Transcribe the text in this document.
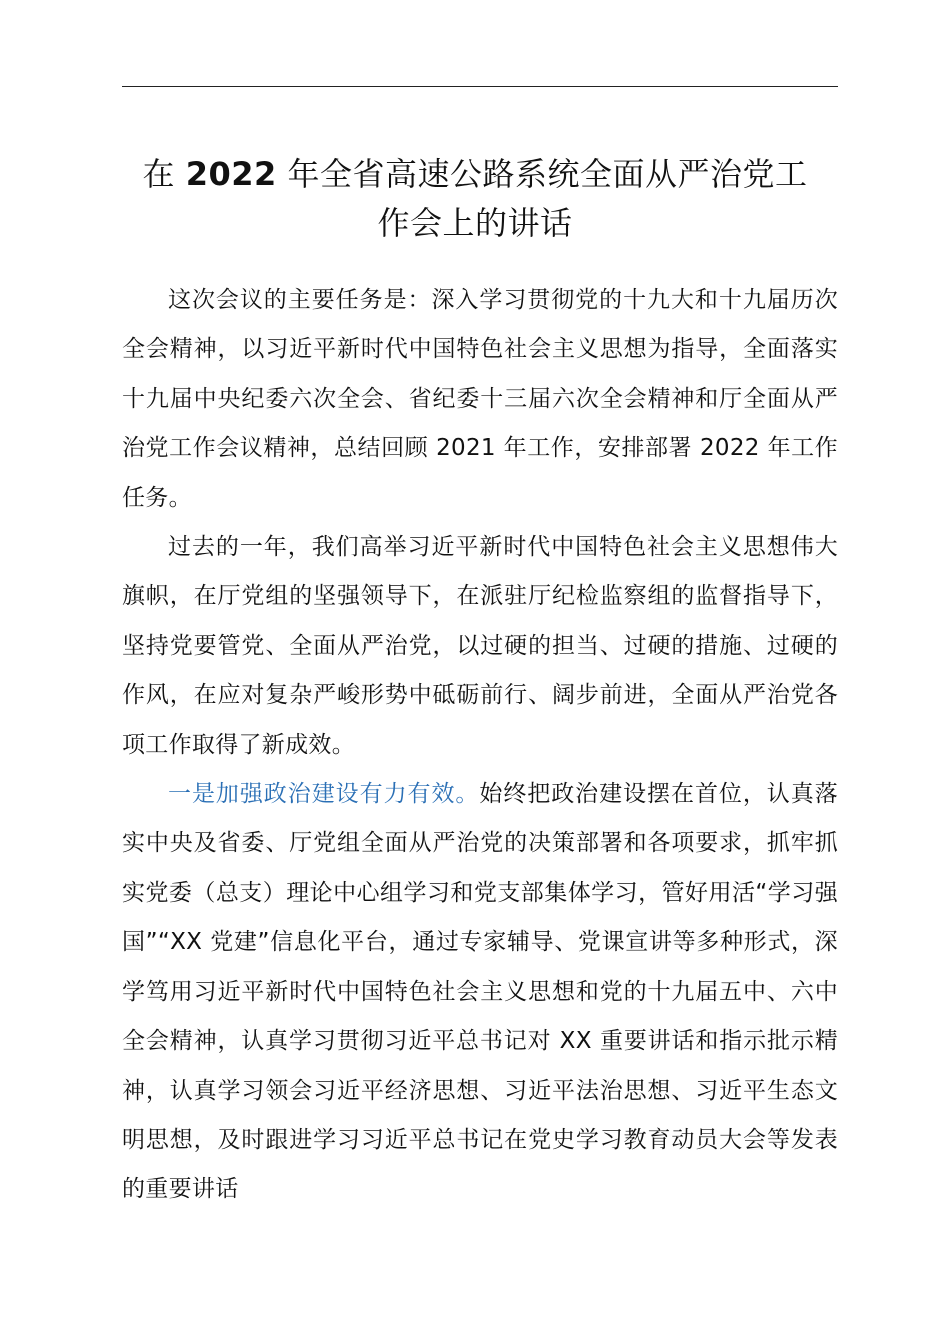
在 2022 年全省高速公路系统全面从严治党工
作会上的讲话

这次会议的主要任务是：深入学习贯彻党的十九大和十九届历次全会精神，以习近平新时代中国特色社会主义思想为指导，全面落实十九届中央纪委六次全会、省纪委十三届六次全会精神和厅全面从严治党工作会议精神，总结回顾 2021 年工作，安排部署 2022 年工作任务。

过去的一年，我们高举习近平新时代中国特色社会主义思想伟大旗帜，在厅党组的坚强领导下，在派驻厅纪检监察组的监督指导下，坚持党要管党、全面从严治党，以过硬的担当、过硬的措施、过硬的作风，在应对复杂严峻形势中砥砺前行、阔步前进，全面从严治党各项工作取得了新成效。

一是加强政治建设有力有效。始终把政治建设摆在首位，认真落实中央及省委、厅党组全面从严治党的决策部署和各项要求，抓牢抓实党委（总支）理论中心组学习和党支部集体学习，管好用活“学习强国”“XX 党建”信息化平台，通过专家辅导、党课宣讲等多种形式，深学笃用习近平新时代中国特色社会主义思想和党的十九届五中、六中全会精神，认真学习贯彻习近平总书记对 XX 重要讲话和指示批示精神，认真学习领会习近平经济思想、习近平法治思想、习近平生态文明思想，及时跟进学习习近平总书记在党史学习教育动员大会等发表的重要讲话
